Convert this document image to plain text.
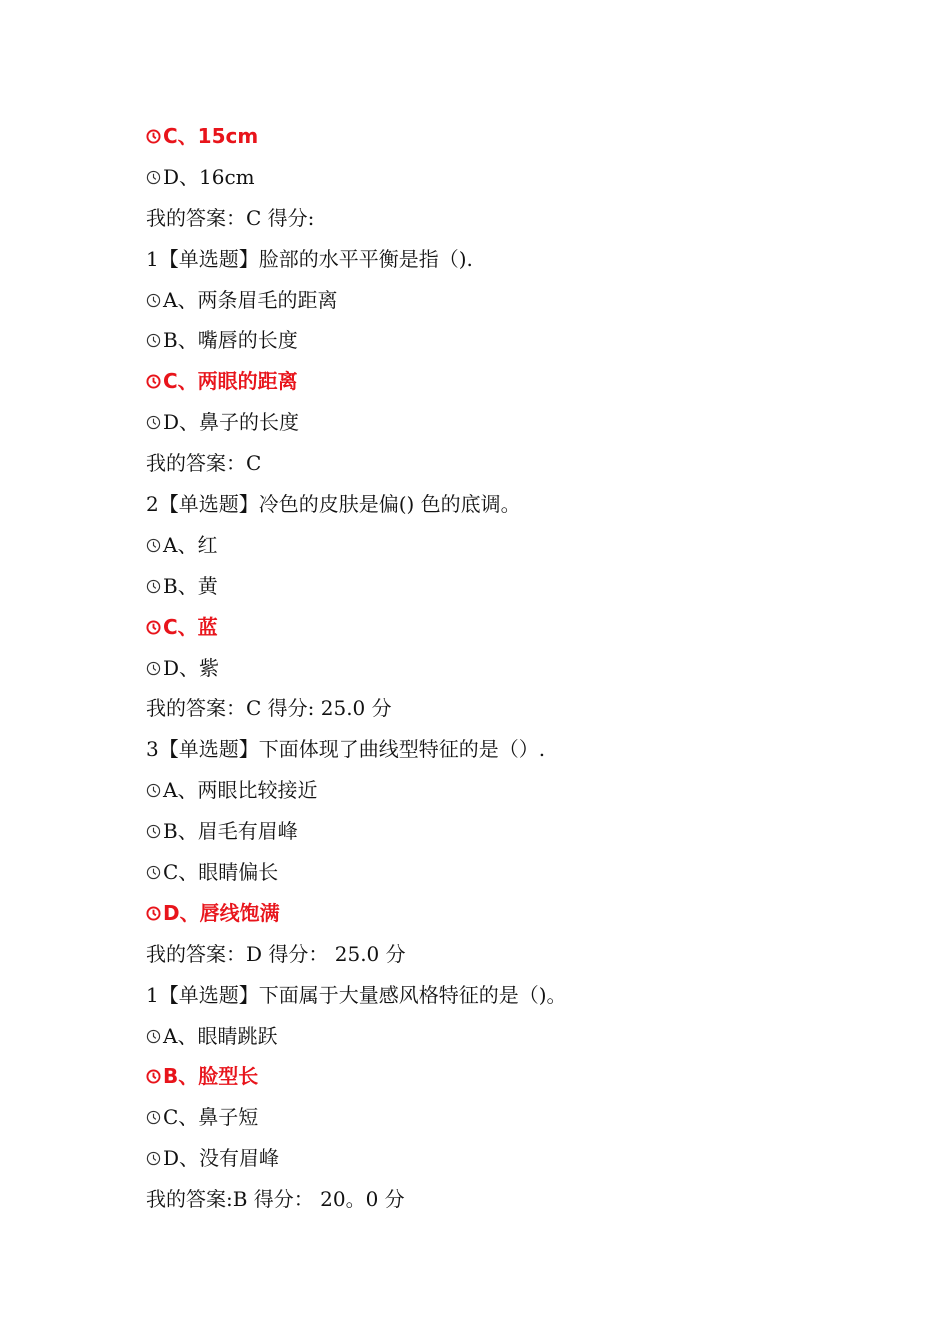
C、15cm
D、16cm
我的答案：C 得分:
1【单选题】脸部的水平平衡是指（).
A、两条眉毛的距离
B、嘴唇的长度
C、两眼的距离
D、鼻子的长度
我的答案：C
2【单选题】冷色的皮肤是偏() 色的底调。
A、红
B、黄
C、蓝
D、紫
我的答案：C 得分: 25.0 分
3【单选题】下面体现了曲线型特征的是（）.
A、两眼比较接近
B、眉毛有眉峰
C、眼睛偏长
D、唇线饱满
我的答案：D 得分： 25.0 分
1【单选题】下面属于大量感风格特征的是（)。
A、眼睛跳跃
B、脸型长
C、鼻子短
D、没有眉峰
我的答案:B 得分： 20。0 分
